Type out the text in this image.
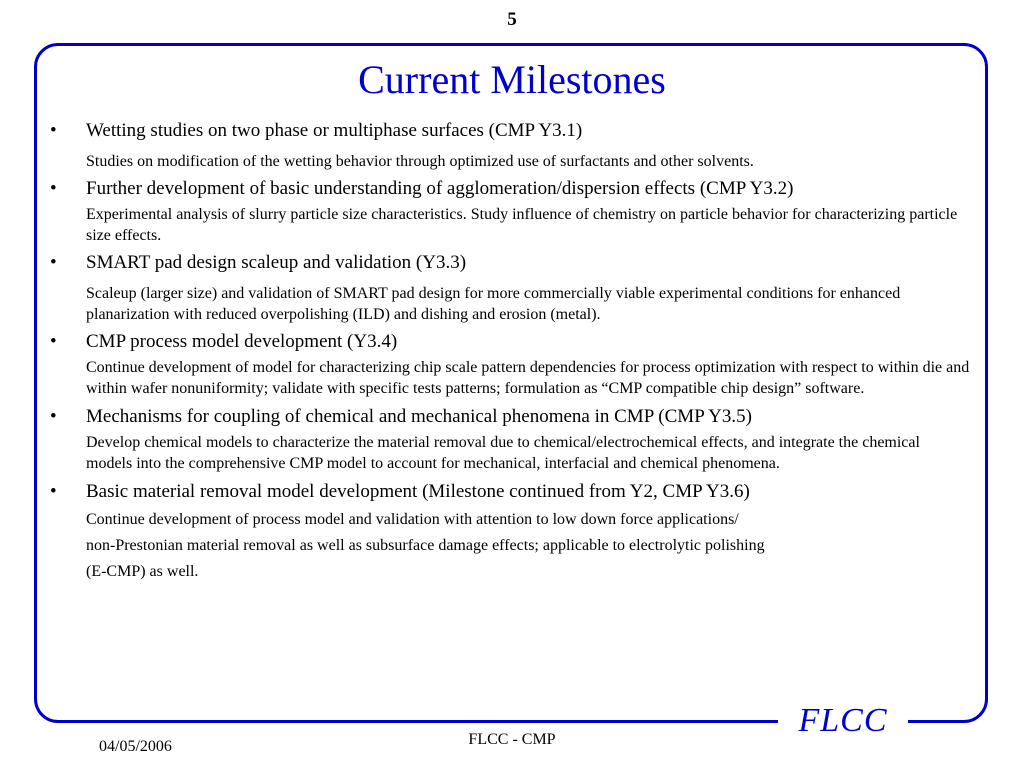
5
FLCC
Current Milestones
•	Wetting studies on two phase or multiphase surfaces (CMP Y3.1)

Studies on modification of the wetting behavior through optimized use of surfactants and other solvents.

•	Further development of basic understanding of agglomeration/dispersion effects (CMP Y3.2)

Experimental analysis of slurry particle size characteristics. Study influence of chemistry on particle behavior for characterizing particle size effects.

•	SMART pad design scaleup and validation (Y3.3)

Scaleup (larger size) and validation of SMART pad design for more commercially viable experimental conditions for enhanced planarization with reduced overpolishing (ILD) and dishing and erosion (metal).

•	CMP process model development (Y3.4)

Continue development of model for characterizing chip scale pattern dependencies for process optimization with respect to within die and within wafer nonuniformity; validate with specific tests patterns; formulation as “CMP compatible chip design” software.

•	Mechanisms for coupling of chemical and mechanical phenomena in CMP (CMP Y3.5)

Develop chemical models to characterize the material removal due to chemical/electrochemical effects, and integrate the chemical models into the comprehensive CMP model to account for mechanical, interfacial and chemical phenomena.

•	Basic material removal model development (Milestone continued from Y2, CMP Y3.6)

Continue development of process model and validation with attention to low down force applications/

non-Prestonian material removal as well as subsurface damage effects; applicable to electrolytic polishing

(E-CMP) as well.

04/05/2006	FLCC - CMP
